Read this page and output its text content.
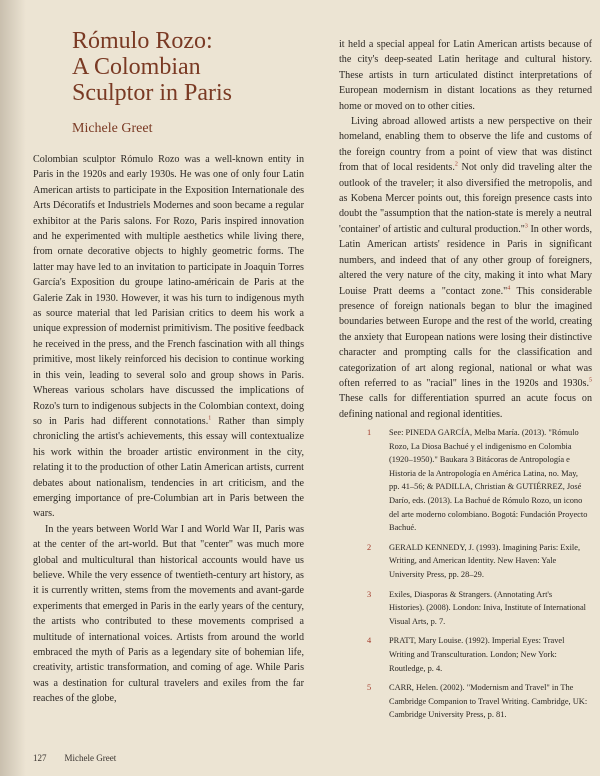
Rómulo Rozo:
A Colombian
Sculptor in Paris
Michele Greet

Colombian sculptor Rómulo Rozo was a well-known entity in Paris in the 1920s and early 1930s. He was one of only four Latin American artists to participate in the Exposition Internationale des Arts Décoratifs et Industriels Modernes and soon became a regular exhibitor at the Paris salons. For Rozo, Paris inspired innovation and he experimented with multiple aesthetics while living there, from ornate decorative objects to highly geometric forms. The latter may have led to an invitation to participate in Joaquin Torres García's Exposition du groupe latino-américain de Paris at the Galerie Zak in 1930. However, it was his turn to indigenous myth as source material that led Parisian critics to deem his work a unique expression of modernist primitivism. The positive feedback he received in the press, and the French fascination with all things primitive, most likely reinforced his decision to continue working in this vein, leading to several solo and group shows in Paris. Whereas various scholars have discussed the implications of Rozo's turn to indigenous subjects in the Colombian context, doing so in Paris had different connotations.$^1$ Rather than simply chronicling the artist's achievements, this essay will contextualize his work within the broader artistic environment in the city, relating it to the production of other Latin American artists, current debates about nationalism, tendencies in art criticism, and the emerging importance of pre-Columbian art in Paris between the wars.

In the years between World War I and World War II, Paris was at the center of the art-world. But that "center" was much more global and multicultural than historical accounts would have us believe. While the very essence of twentieth-century art history, as it is currently written, stems from the movements and avant-garde experiments that emerged in Paris in the early years of the century, the artists who contributed to these movements comprised a multitude of international voices. Artists from around the world embraced the myth of Paris as a legendary site of bohemian life, creativity, artistic transformation, and coming of age. While Paris was a destination for cultural travelers and exiles from the far reaches of the globe,

it held a special appeal for Latin American artists because of the city's deep-seated Latin heritage and cultural history. These artists in turn articulated distinct interpretations of European modernism in distant locations as they returned home or moved on to other cities.

Living abroad allowed artists a new perspective on their homeland, enabling them to observe the life and customs of the foreign country from a point of view that was distinct from that of local residents.$^2$ Not only did traveling alter the outlook of the traveler; it also diversified the metropolis, and as Kobena Mercer points out, this foreign presence casts into doubt the "assumption that the nation-state is merely a neutral 'container' of artistic and cultural production."$^3$ In other words, Latin American artists' residence in Paris in significant numbers, and indeed that of any other group of foreigners, altered the very nature of the city, making it into what Mary Louise Pratt deems a "contact zone."$^4$ This considerable presence of foreign nationals began to blur the imagined boundaries between Europe and the rest of the world, creating the anxiety that European nations were losing their distinctive character and prompting calls for the classification and categorization of art along regional, national or what was often referred to as "racial" lines in the 1920s and 1930s.$^5$ These calls for differentiation spurred an acute focus on defining national and regional identities.

1 See: PINEDA GARCÍA, Melba María. (2013). "Rómulo Rozo, La Diosa Bachué y el indigenismo en Colombia (1920–1950)." Baukara 3 Bitácoras de Antropología e Historia de la Antropología en América Latina, no. May, pp. 41–56; & PADILLA, Christian & GUTIÉRREZ, José Darío, eds. (2013). La Bachué de Rómulo Rozo, un icono del arte moderno colombiano. Bogotá: Fundación Proyecto Bachué.
2 GERALD KENNEDY, J. (1993). Imagining Paris: Exile, Writing, and American Identity. New Haven: Yale University Press, pp. 28–29.
3 Exiles, Diasporas & Strangers. (Annotating Art's Histories). (2008). London: Iniva, Institute of International Visual Arts, p. 7.
4 PRATT, Mary Louise. (1992). Imperial Eyes: Travel Writing and Transculturation. London; New York: Routledge, p. 4.
5 CARR, Helen. (2002). "Modernism and Travel" in The Cambridge Companion to Travel Writing. Cambridge, UK: Cambridge University Press, p. 81.
127 Michele Greet
